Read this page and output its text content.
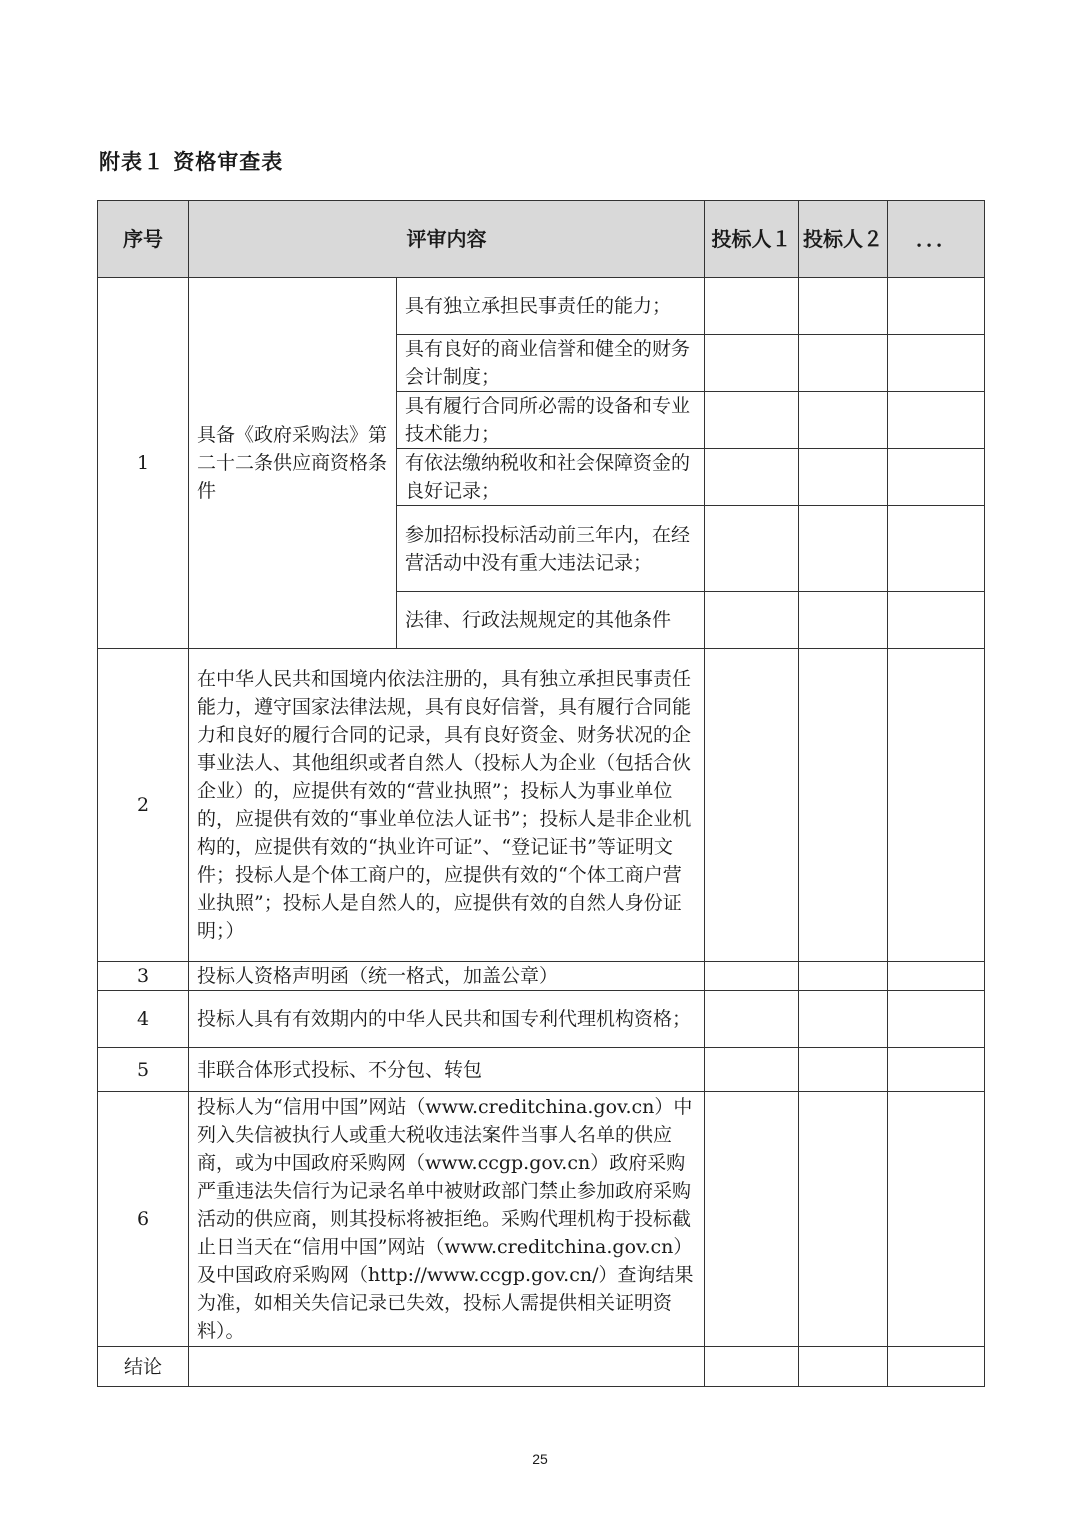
附表１ 资格审查表
序号	评审内容		投标人１	投标人２	．．．
1	具备《政府采购法》第二十二条供应商资格条件	具有独立承担民事责任的能力；			
		具有良好的商业信誉和健全的财务会计制度；			
		具有履行合同所必需的设备和专业技术能力；			
		有依法缴纳税收和社会保障资金的良好记录；			
		参加招标投标活动前三年内，在经营活动中没有重大违法记录；			
		法律、行政法规规定的其他条件			
2	在中华人民共和国境内依法注册的，具有独立承担民事责任能力，遵守国家法律法规，具有良好信誉，具有履行合同能力和良好的履行合同的记录，具有良好资金、财务状况的企事业法人、其他组织或者自然人（投标人为企业（包括合伙企业）的，应提供有效的“营业执照”；投标人为事业单位的，应提供有效的“事业单位法人证书”；投标人是非企业机构的，应提供有效的“执业许可证”、“登记证书”等证明文件；投标人是个体工商户的，应提供有效的“个体工商户营业执照”；投标人是自然人的，应提供有效的自然人身份证明；）				
3	投标人资格声明函（统一格式，加盖公章）				
4	投标人具有有效期内的中华人民共和国专利代理机构资格；				
5	非联合体形式投标、不分包、转包				
6	投标人为“信用中国”网站（www.creditchina.gov.cn）中列入失信被执行人或重大税收违法案件当事人名单的供应商，或为中国政府采购网（www.ccgp.gov.cn）政府采购严重违法失信行为记录名单中被财政部门禁止参加政府采购活动的供应商，则其投标将被拒绝。采购代理机构于投标截止日当天在“信用中国”网站（www.creditchina.gov.cn）及中国政府采购网（http://www.ccgp.gov.cn/）查询结果为准，如相关失信记录已失效，投标人需提供相关证明资料）。				
结论					
25
